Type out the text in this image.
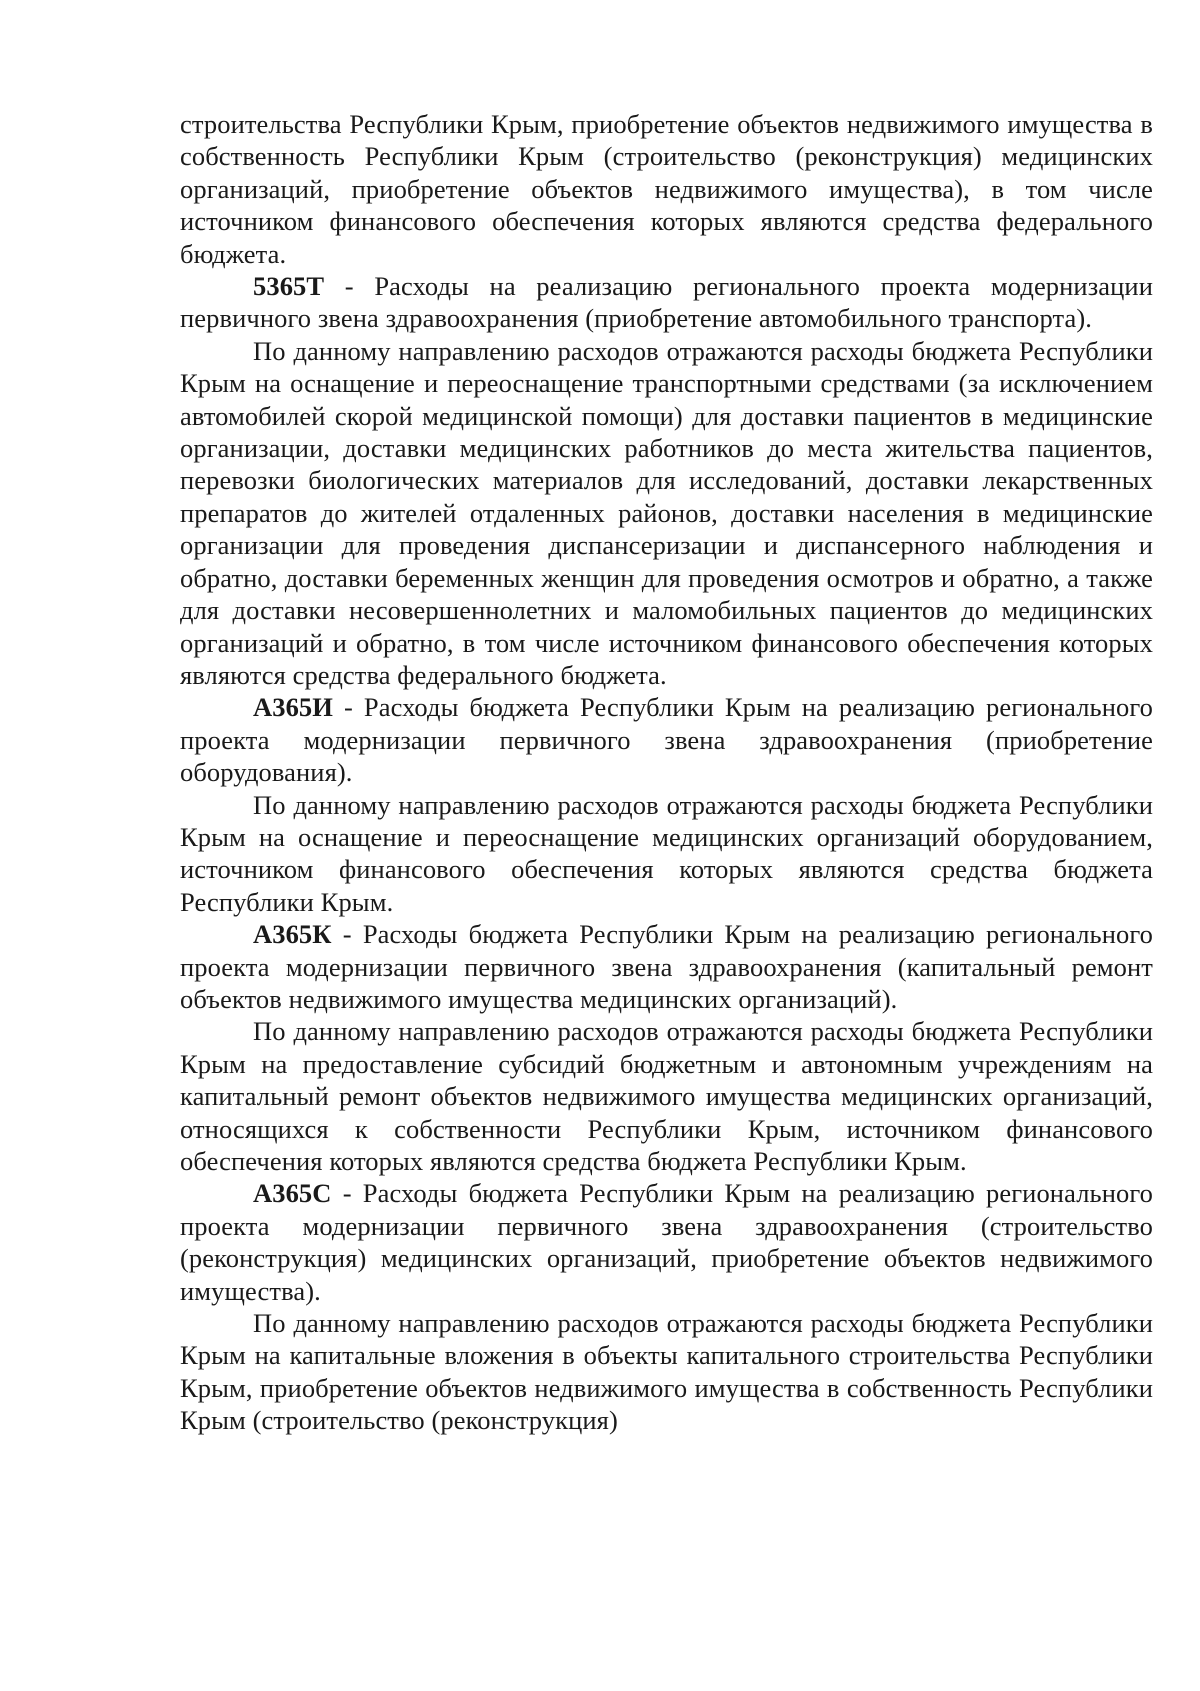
строительства Республики Крым, приобретение объектов недвижимого имущества в собственность Республики Крым (строительство (реконструкция) медицинских организаций, приобретение объектов недвижимого имущества), в том числе источником финансового обеспечения которых являются средства федерального бюджета.

5365T - Расходы на реализацию регионального проекта модернизации первичного звена здравоохранения (приобретение автомобильного транспорта).

По данному направлению расходов отражаются расходы бюджета Республики Крым на оснащение и переоснащение транспортными средствами (за исключением автомобилей скорой медицинской помощи) для доставки пациентов в медицинские организации, доставки медицинских работников до места жительства пациентов, перевозки биологических материалов для исследований, доставки лекарственных препаратов до жителей отдаленных районов, доставки населения в медицинские организации для проведения диспансеризации и диспансерного наблюдения и обратно, доставки беременных женщин для проведения осмотров и обратно, а также для доставки несовершеннолетних и маломобильных пациентов до медицинских организаций и обратно, в том числе источником финансового обеспечения которых являются средства федерального бюджета.

А365И - Расходы бюджета Республики Крым на реализацию регионального проекта модернизации первичного звена здравоохранения (приобретение оборудования).

По данному направлению расходов отражаются расходы бюджета Республики Крым на оснащение и переоснащение медицинских организаций оборудованием, источником финансового обеспечения которых являются средства бюджета Республики Крым.

А365К - Расходы бюджета Республики Крым на реализацию регионального проекта модернизации первичного звена здравоохранения (капитальный ремонт объектов недвижимого имущества медицинских организаций).

По данному направлению расходов отражаются расходы бюджета Республики Крым на предоставление субсидий бюджетным и автономным учреждениям на капитальный ремонт объектов недвижимого имущества медицинских организаций, относящихся к собственности Республики Крым, источником финансового обеспечения которых являются средства бюджета Республики Крым.

А365С - Расходы бюджета Республики Крым на реализацию регионального проекта модернизации первичного звена здравоохранения (строительство (реконструкция) медицинских организаций, приобретение объектов недвижимого имущества).

По данному направлению расходов отражаются расходы бюджета Республики Крым на капитальные вложения в объекты капитального строительства Республики Крым, приобретение объектов недвижимого имущества в собственность Республики Крым (строительство (реконструкция)
